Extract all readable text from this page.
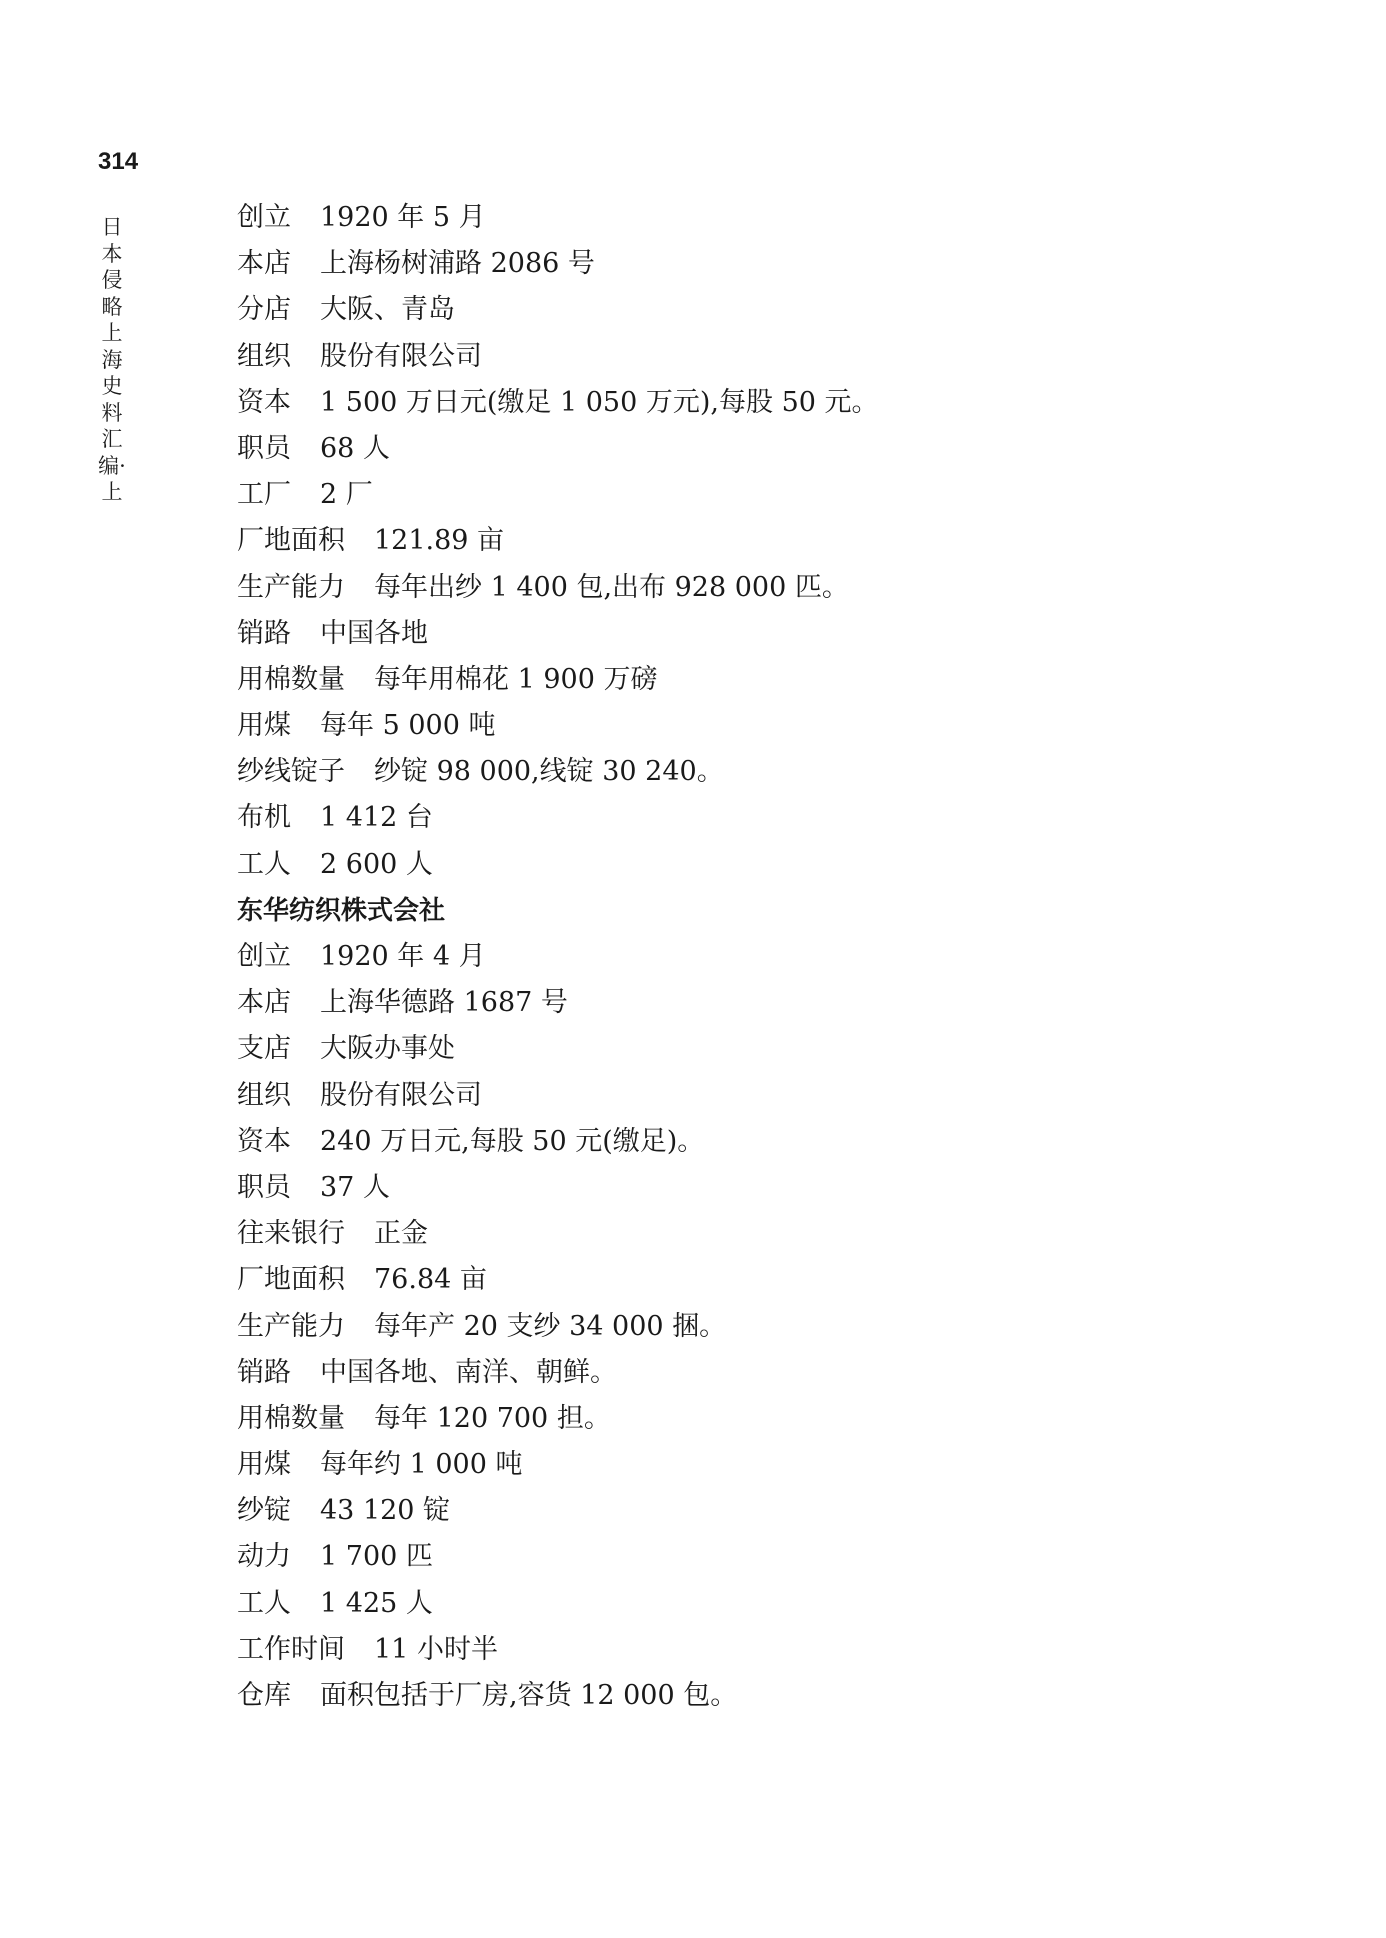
314
日本侵略上海史料汇编·上
创立 1920 年 5 月
本店 上海杨树浦路 2086 号
分店 大阪、青岛
组织 股份有限公司
资本 1 500 万日元(缴足 1 050 万元),每股 50 元。
职员 68 人
工厂 2 厂
厂地面积 121.89 亩
生产能力 每年出纱 1 400 包,出布 928 000 匹。
销路 中国各地
用棉数量 每年用棉花 1 900 万磅
用煤 每年 5 000 吨
纱线锭子 纱锭 98 000,线锭 30 240。
布机 1 412 台
工人 2 600 人
东华纺织株式会社
创立 1920 年 4 月
本店 上海华德路 1687 号
支店 大阪办事处
组织 股份有限公司
资本 240 万日元,每股 50 元(缴足)。
职员 37 人
往来银行 正金
厂地面积 76.84 亩
生产能力 每年产 20 支纱 34 000 捆。
销路 中国各地、南洋、朝鲜。
用棉数量 每年 120 700 担。
用煤 每年约 1 000 吨
纱锭 43 120 锭
动力 1 700 匹
工人 1 425 人
工作时间 11 小时半
仓库 面积包括于厂房,容货 12 000 包。
